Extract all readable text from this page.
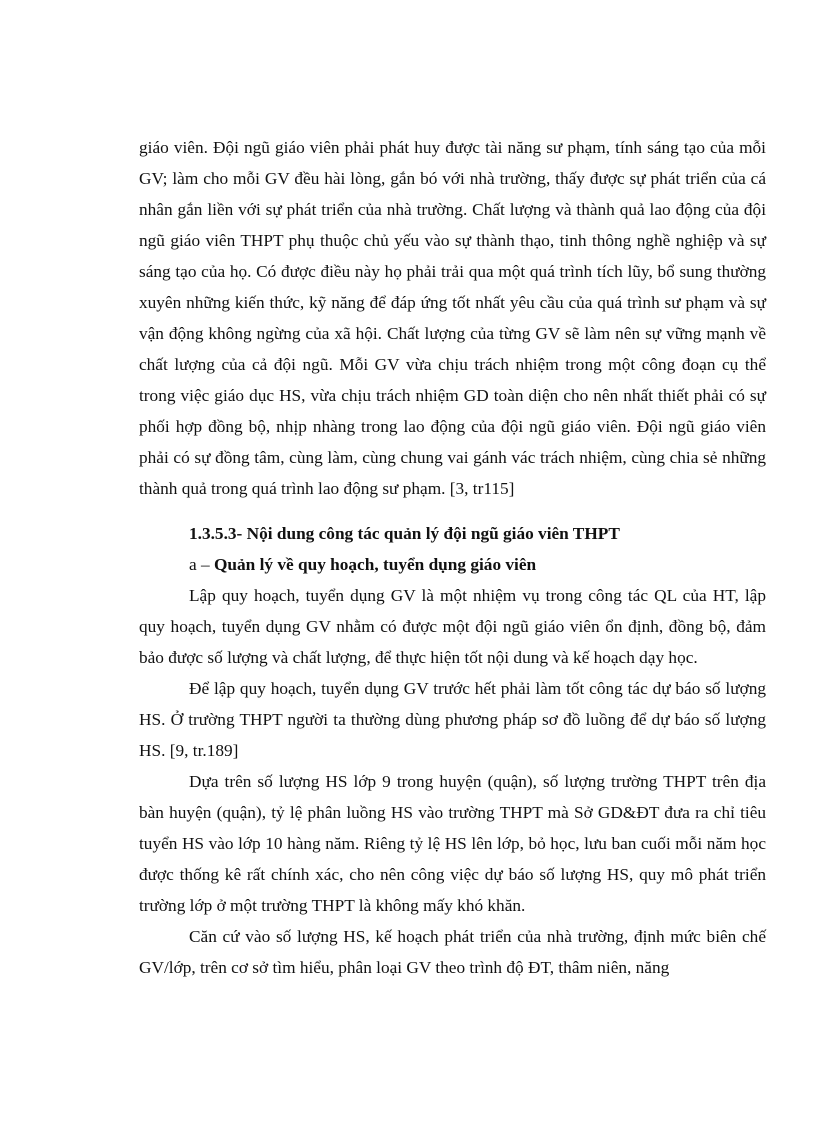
giáo viên. Đội ngũ giáo viên phải phát huy được tài năng sư phạm, tính sáng tạo của mỗi GV; làm cho mỗi GV đều hài lòng, gắn bó với nhà trường, thấy được sự phát triển của cá nhân gắn liền với sự phát triển của nhà trường. Chất lượng và thành quả lao động của đội ngũ giáo viên THPT phụ thuộc chủ yếu vào sự thành thạo, tinh thông nghề nghiệp và sự sáng tạo của họ. Có được điều này họ phải trải qua một quá trình tích lũy, bổ sung thường xuyên những kiến thức, kỹ năng để đáp ứng tốt nhất yêu cầu của quá trình sư phạm và sự vận động không ngừng của xã hội. Chất lượng của từng GV sẽ làm nên sự vững mạnh về chất lượng của cả đội ngũ. Mỗi GV vừa chịu trách nhiệm trong một công đoạn cụ thể trong việc giáo dục HS, vừa chịu trách nhiệm GD toàn diện cho nên nhất thiết phải có sự phối hợp đồng bộ, nhịp nhàng trong lao động của đội ngũ giáo viên. Đội ngũ giáo viên phải có sự đồng tâm, cùng làm, cùng chung vai gánh vác trách nhiệm, cùng chia sẻ những thành quả trong quá trình lao động sư phạm. [3, tr115]

1.3.5.3- Nội dung công tác quản lý đội ngũ giáo viên THPT

a – Quản lý về quy hoạch, tuyển dụng giáo viên

Lập quy hoạch, tuyển dụng GV là một nhiệm vụ trong công tác QL của HT, lập quy hoạch, tuyển dụng GV nhằm có được một đội ngũ giáo viên ổn định, đồng bộ, đảm bảo được số lượng và chất lượng, để thực hiện tốt nội dung và kế hoạch dạy học.

Để lập quy hoạch, tuyển dụng GV trước hết phải làm tốt công tác dự báo số lượng HS. Ở trường THPT người ta thường dùng phương pháp sơ đồ luồng để dự báo số lượng HS. [9, tr.189]

Dựa trên số lượng HS lớp 9 trong huyện (quận), số lượng trường THPT trên địa bàn huyện (quận), tỷ lệ phân luồng HS vào trường THPT mà Sở GD&ĐT đưa ra chỉ tiêu tuyển HS vào lớp 10 hàng năm. Riêng tỷ lệ HS lên lớp, bỏ học, lưu ban cuối mỗi năm học được thống kê rất chính xác, cho nên công việc dự báo số lượng HS, quy mô phát triển trường lớp ở một trường THPT là không mấy khó khăn.

Căn cứ vào số lượng HS, kế hoạch phát triển của nhà trường, định mức biên chế GV/lớp, trên cơ sở tìm hiểu, phân loại GV theo trình độ ĐT, thâm niên, năng
